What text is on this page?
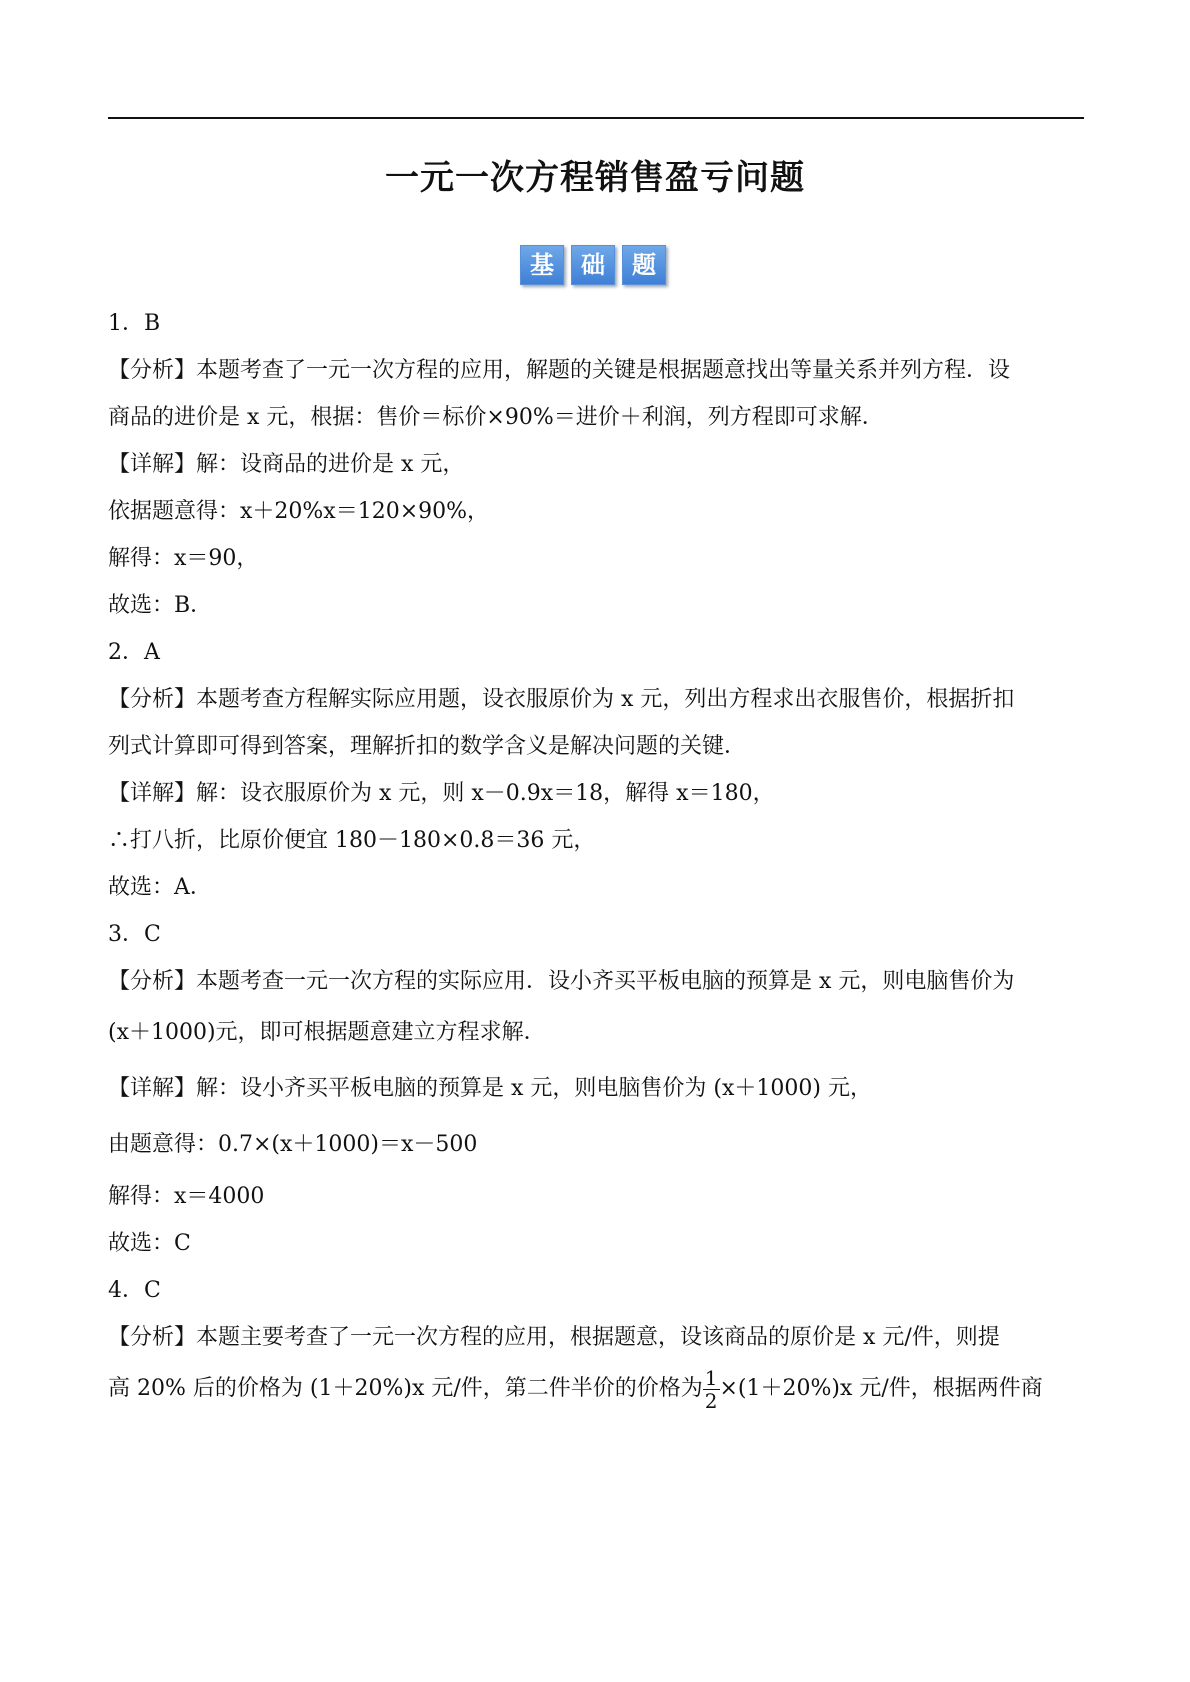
一元一次方程销售盈亏问题
基	础	题
1．B
【分析】本题考查了一元一次方程的应用，解题的关键是根据题意找出等量关系并列方程．设
商品的进价是 x 元，根据：售价＝标价×90%＝进价＋利润，列方程即可求解．
【详解】解：设商品的进价是 x 元，
依据题意得：x＋20%x＝120×90%，
解得：x＝90，
故选：B．
2．A
【分析】本题考查方程解实际应用题，设衣服原价为 x 元，列出方程求出衣服售价，根据折扣
列式计算即可得到答案，理解折扣的数学含义是解决问题的关键．
【详解】解：设衣服原价为 x 元，则 x－0.9x＝18，解得 x＝180，
∴打八折，比原价便宜 180－180×0.8＝36 元，
故选：A．
3．C
【分析】本题考查一元一次方程的实际应用．设小齐买平板电脑的预算是 x 元，则电脑售价为
(x＋1000)元，即可根据题意建立方程求解．
【详解】解：设小齐买平板电脑的预算是 x 元，则电脑售价为 (x＋1000) 元，
由题意得：0.7×(x＋1000)＝x－500
解得：x＝4000
故选：C
4．C
【分析】本题主要考查了一元一次方程的应用，根据题意，设该商品的原价是 x 元/件，则提
高 20% 后的价格为 (1＋20%)x 元/件，第二件半价的价格为 $\frac{1}{2} \times(1+20\%)x$ 元/件，根据两件商
